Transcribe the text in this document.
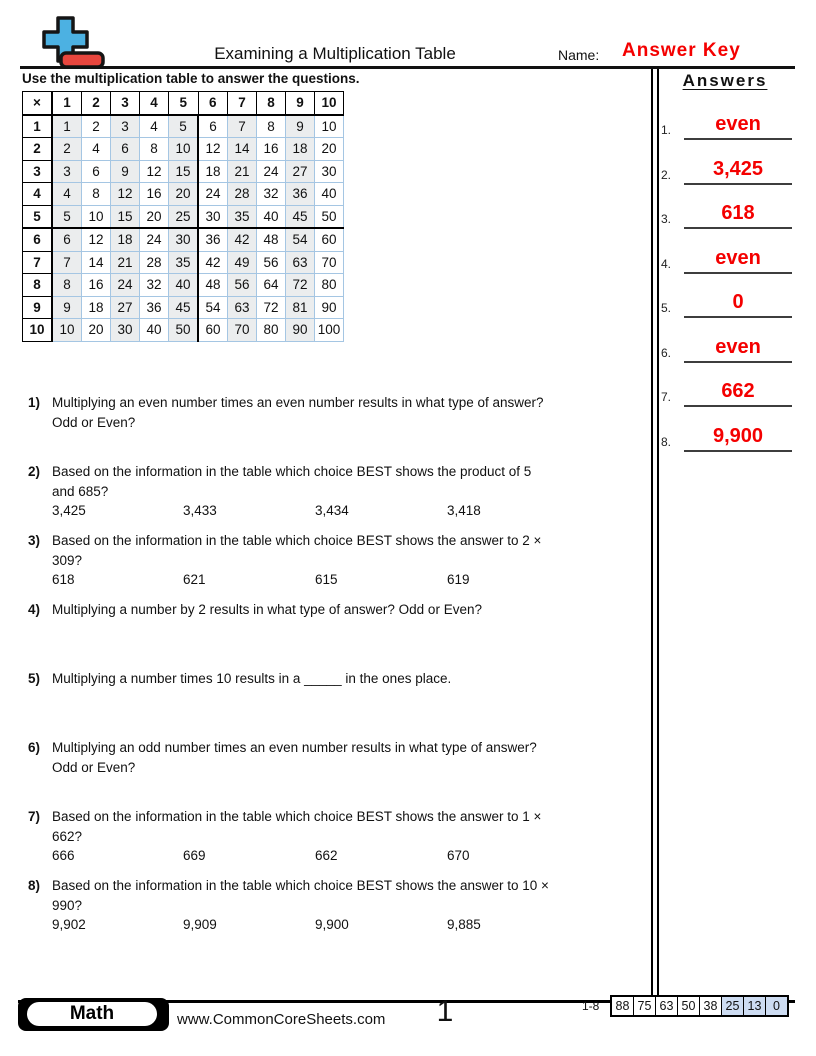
Examining a Multiplication Table	Name: Answer Key
Use the multiplication table to answer the questions.
×	1	2	3	4	5	6	7	8	9	10
1	1	2	3	4	5	6	7	8	9	10
2	2	4	6	8	10	12	14	16	18	20
3	3	6	9	12	15	18	21	24	27	30
4	4	8	12	16	20	24	28	32	36	40
5	5	10	15	20	25	30	35	40	45	50
6	6	12	18	24	30	36	42	48	54	60
7	7	14	21	28	35	42	49	56	63	70
8	8	16	24	32	40	48	56	64	72	80
9	9	18	27	36	45	54	63	72	81	90
10	10	20	30	40	50	60	70	80	90	100
1) Multiplying an even number times an even number results in what type of answer?
Odd or Even?
2) Based on the information in the table which choice BEST shows the product of 5
and 685?
3,425	3,433	3,434	3,418
3) Based on the information in the table which choice BEST shows the answer to 2 ×
309?
618	621	615	619
4) Multiplying a number by 2 results in what type of answer? Odd or Even?
5) Multiplying a number times 10 results in a _____ in the ones place.
6) Multiplying an odd number times an even number results in what type of answer?
Odd or Even?
7) Based on the information in the table which choice BEST shows the answer to 1 ×
662?
666	669	662	670
8) Based on the information in the table which choice BEST shows the answer to 10 ×
990?
9,902	9,909	9,900	9,885
Answers
1.	even
2.	3,425
3.	618
4.	even
5.	0
6.	even
7.	662
8.	9,900
Math	www.CommonCoreSheets.com	1	1-8 88 75 63 50 38 25 13 0
